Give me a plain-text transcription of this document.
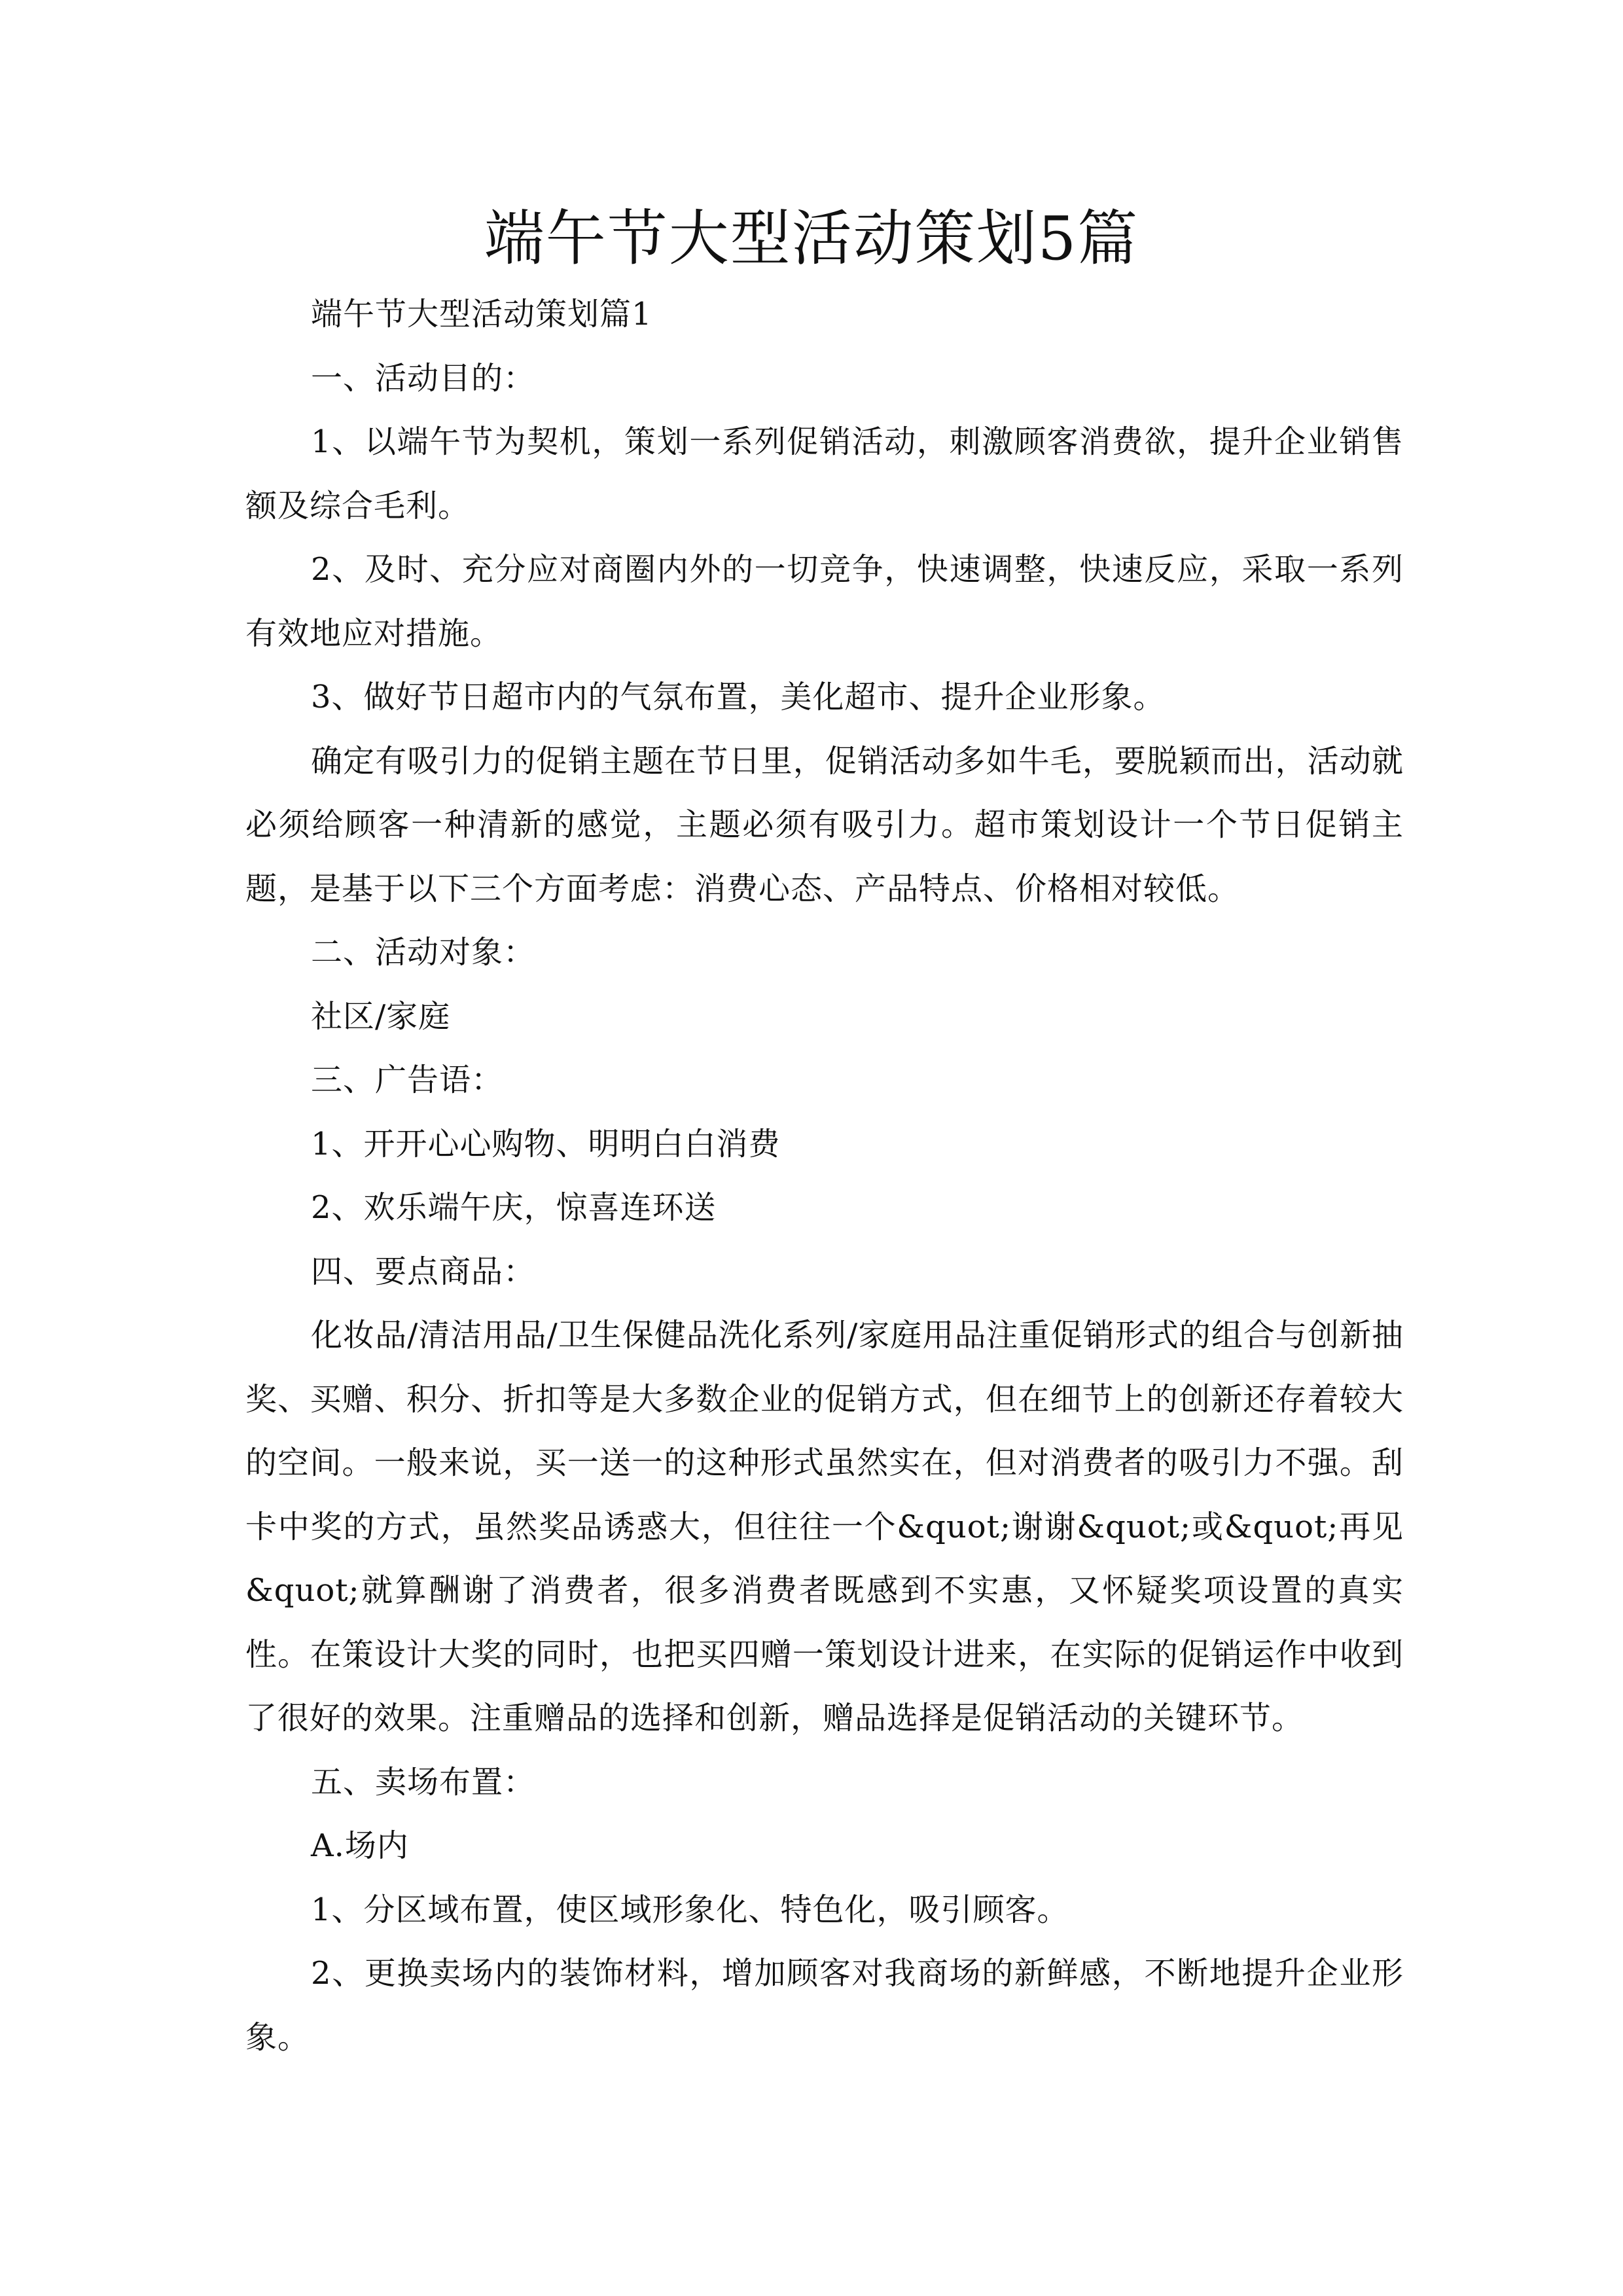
端午节大型活动策划5篇

端午节大型活动策划篇1

一、活动目的：

1、以端午节为契机，策划一系列促销活动，刺激顾客消费欲，提升企业销售额及综合毛利。

2、及时、充分应对商圈内外的一切竞争，快速调整，快速反应，采取一系列有效地应对措施。

3、做好节日超市内的气氛布置，美化超市、提升企业形象。

确定有吸引力的促销主题在节日里，促销活动多如牛毛，要脱颖而出，活动就必须给顾客一种清新的感觉，主题必须有吸引力。超市策划设计一个节日促销主题，是基于以下三个方面考虑：消费心态、产品特点、价格相对较低。

二、活动对象：

社区/家庭

三、广告语：

1、开开心心购物、明明白白消费

2、欢乐端午庆，惊喜连环送

四、要点商品：

化妆品/清洁用品/卫生保健品洗化系列/家庭用品注重促销形式的组合与创新抽奖、买赠、积分、折扣等是大多数企业的促销方式，但在细节上的创新还存着较大的空间。一般来说，买一送一的这种形式虽然实在，但对消费者的吸引力不强。刮卡中奖的方式，虽然奖品诱惑大，但往往一个&quot;谢谢&quot;或&quot;再见&quot;就算酬谢了消费者，很多消费者既感到不实惠，又怀疑奖项设置的真实性。在策设计大奖的同时，也把买四赠一策划设计进来，在实际的促销运作中收到了很好的效果。注重赠品的选择和创新，赠品选择是促销活动的关键环节。

五、卖场布置：

A.场内

1、分区域布置，使区域形象化、特色化，吸引顾客。

2、更换卖场内的装饰材料，增加顾客对我商场的新鲜感，不断地提升企业形象。
